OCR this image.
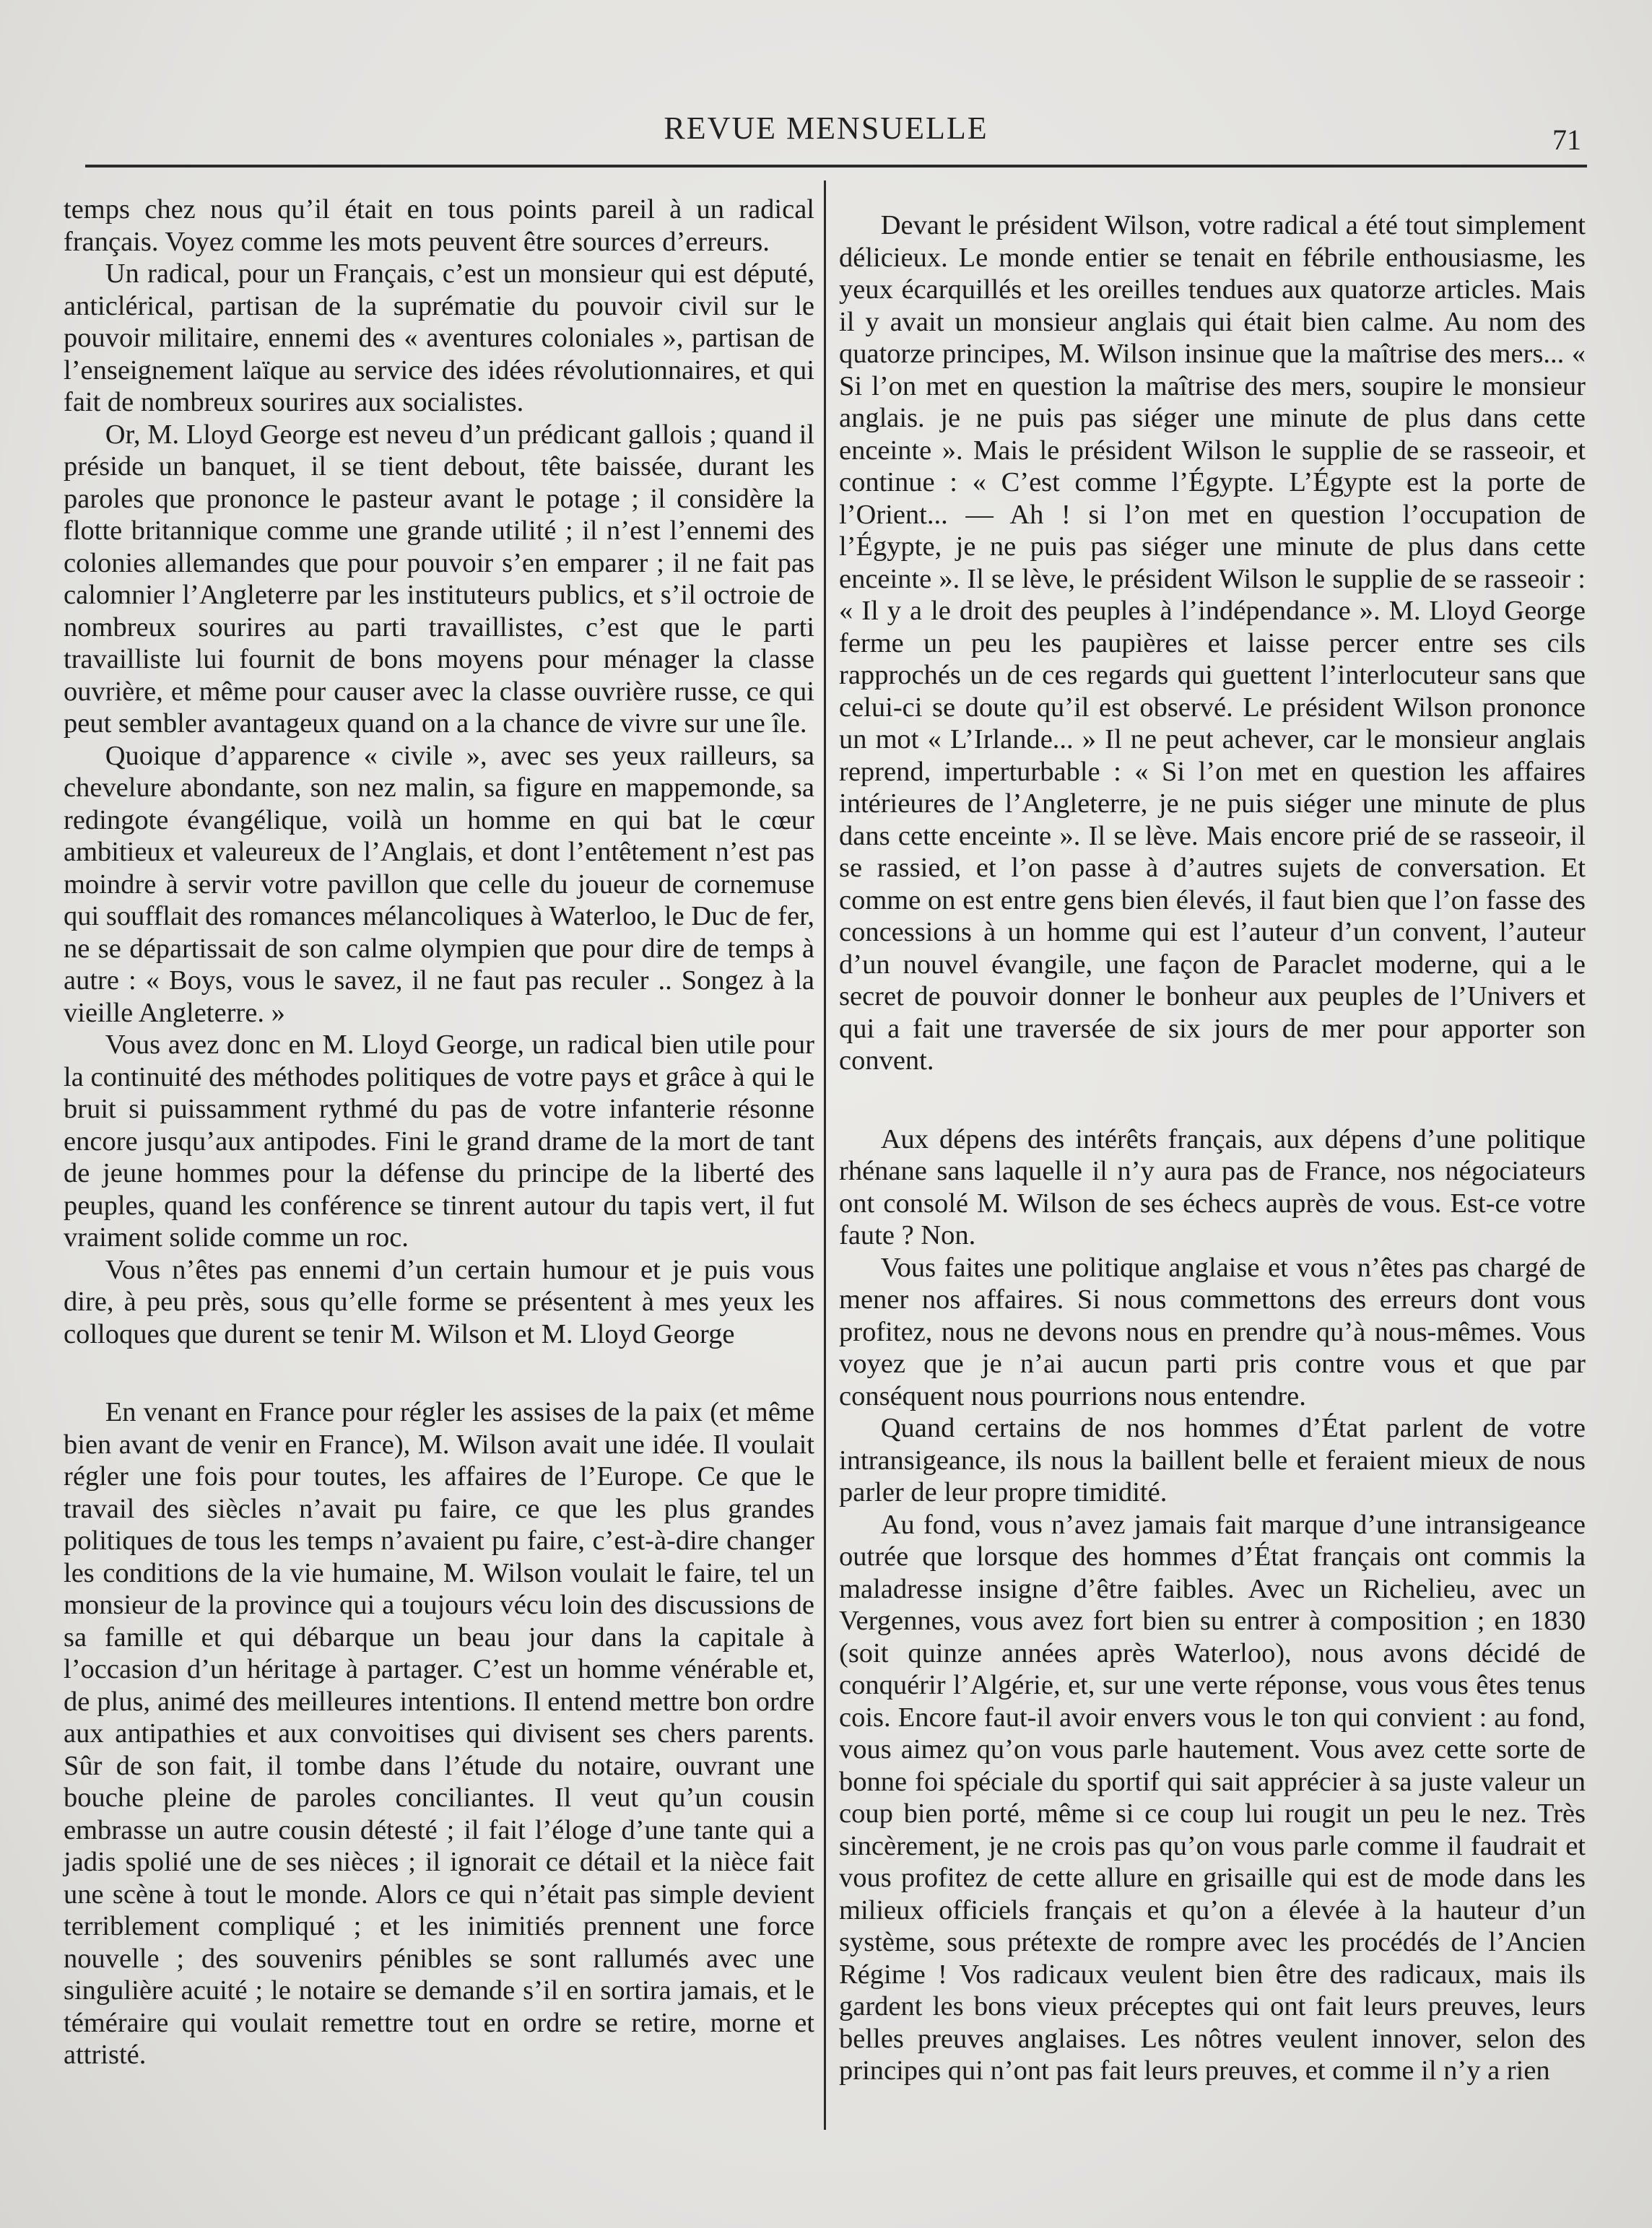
REVUE MENSUELLE	71

temps chez nous qu’il était en tous points pareil à un radical français. Voyez comme les mots peuvent être sources d’erreurs.

Un radical, pour un Français, c’est un monsieur qui est député, anticlérical, partisan de la suprématie du pouvoir civil sur le pouvoir militaire, ennemi des « aventures coloniales », partisan de l’enseignement laïque au service des idées révolutionnaires, et qui fait de nombreux sourires aux socialistes.

Or, M. Lloyd George est neveu d’un prédicant gallois ; quand il préside un banquet, il se tient debout, tête baissée, durant les paroles que prononce le pasteur avant le potage ; il considère la flotte britannique comme une grande utilité ; il n’est l’ennemi des colonies allemandes que pour pouvoir s’en emparer ; il ne fait pas calomnier l’Angleterre par les instituteurs publics, et s’il octroie de nombreux sourires au parti travaillistes, c’est que le parti travailliste lui fournit de bons moyens pour ménager la classe ouvrière, et même pour causer avec la classe ouvrière russe, ce qui peut sembler avantageux quand on a la chance de vivre sur une île.

Quoique d’apparence « civile », avec ses yeux railleurs, sa chevelure abondante, son nez malin, sa figure en mappemonde, sa redingote évangélique, voilà un homme en qui bat le cœur ambitieux et valeureux de l’Anglais, et dont l’entêtement n’est pas moindre à servir votre pavillon que celle du joueur de cornemuse qui soufflait des romances mélancoliques à Waterloo, le Duc de fer, ne se départissait de son calme olympien que pour dire de temps à autre : « Boys, vous le savez, il ne faut pas reculer .. Songez à la vieille Angleterre. »

Vous avez donc en M. Lloyd George, un radical bien utile pour la continuité des méthodes politiques de votre pays et grâce à qui le bruit si puissamment rythmé du pas de votre infanterie résonne encore jusqu’aux antipodes. Fini le grand drame de la mort de tant de jeune hommes pour la défense du principe de la liberté des peuples, quand les conférence se tinrent autour du tapis vert, il fut vraiment solide comme un roc.

Vous n’êtes pas ennemi d’un certain humour et je puis vous dire, à peu près, sous qu’elle forme se présentent à mes yeux les colloques que durent se tenir M. Wilson et M. Lloyd George

En venant en France pour régler les assises de la paix (et même bien avant de venir en France), M. Wilson avait une idée. Il voulait régler une fois pour toutes, les affaires de l’Europe. Ce que le travail des siècles n’avait pu faire, ce que les plus grandes politiques de tous les temps n’avaient pu faire, c’est-à-dire changer les conditions de la vie humaine, M. Wilson voulait le faire, tel un monsieur de la province qui a toujours vécu loin des discussions de sa famille et qui débarque un beau jour dans la capitale à l’occasion d’un héritage à partager. C’est un homme vénérable et, de plus, animé des meilleures intentions. Il entend mettre bon ordre aux antipathies et aux convoitises qui divisent ses chers parents. Sûr de son fait, il tombe dans l’étude du notaire, ouvrant une bouche pleine de paroles conciliantes. Il veut qu’un cousin embrasse un autre cousin détesté ; il fait l’éloge d’une tante qui a jadis spolié une de ses nièces ; il ignorait ce détail et la nièce fait une scène à tout le monde. Alors ce qui n’était pas simple devient terriblement compliqué ; et les inimitiés prennent une force nouvelle ; des souvenirs pénibles se sont rallumés avec une singulière acuité ; le notaire se demande s’il en sortira jamais, et le téméraire qui voulait remettre tout en ordre se retire, morne et attristé.

Devant le président Wilson, votre radical a été tout simplement délicieux. Le monde entier se tenait en fébrile enthousiasme, les yeux écarquillés et les oreilles tendues aux quatorze articles. Mais il y avait un monsieur anglais qui était bien calme. Au nom des quatorze principes, M. Wilson insinue que la maîtrise des mers... « Si l’on met en question la maîtrise des mers, soupire le monsieur anglais. je ne puis pas siéger une minute de plus dans cette enceinte ». Mais le président Wilson le supplie de se rasseoir, et continue : « C’est comme l’Égypte. L’Égypte est la porte de l’Orient... — Ah ! si l’on met en question l’occupation de l’Égypte, je ne puis pas siéger une minute de plus dans cette enceinte ». Il se lève, le président Wilson le supplie de se rasseoir : « Il y a le droit des peuples à l’indépendance ». M. Lloyd George ferme un peu les paupières et laisse percer entre ses cils rapprochés un de ces regards qui guettent l’interlocuteur sans que celui-ci se doute qu’il est observé. Le président Wilson prononce un mot « L’Irlande... » Il ne peut achever, car le monsieur anglais reprend, imperturbable : « Si l’on met en question les affaires intérieures de l’Angleterre, je ne puis siéger une minute de plus dans cette enceinte ». Il se lève. Mais encore prié de se rasseoir, il se rassied, et l’on passe à d’autres sujets de conversation. Et comme on est entre gens bien élevés, il faut bien que l’on fasse des concessions à un homme qui est l’auteur d’un convent, l’auteur d’un nouvel évangile, une façon de Paraclet moderne, qui a le secret de pouvoir donner le bonheur aux peuples de l’Univers et qui a fait une traversée de six jours de mer pour apporter son convent.

Aux dépens des intérêts français, aux dépens d’une politique rhénane sans laquelle il n’y aura pas de France, nos négociateurs ont consolé M. Wilson de ses échecs auprès de vous. Est-ce votre faute ? Non.

Vous faites une politique anglaise et vous n’êtes pas chargé de mener nos affaires. Si nous commettons des erreurs dont vous profitez, nous ne devons nous en prendre qu’à nous-mêmes. Vous voyez que je n’ai aucun parti pris contre vous et que par conséquent nous pourrions nous entendre.

Quand certains de nos hommes d’État parlent de votre intransigeance, ils nous la baillent belle et feraient mieux de nous parler de leur propre timidité.

Au fond, vous n’avez jamais fait marque d’une intransigeance outrée que lorsque des hommes d’État français ont commis la maladresse insigne d’être faibles. Avec un Richelieu, avec un Vergennes, vous avez fort bien su entrer à composition ; en 1830 (soit quinze années après Waterloo), nous avons décidé de conquérir l’Algérie, et, sur une verte réponse, vous vous êtes tenus cois. Encore faut-il avoir envers vous le ton qui convient : au fond, vous aimez qu’on vous parle hautement. Vous avez cette sorte de bonne foi spéciale du sportif qui sait apprécier à sa juste valeur un coup bien porté, même si ce coup lui rougit un peu le nez. Très sincèrement, je ne crois pas qu’on vous parle comme il faudrait et vous profitez de cette allure en grisaille qui est de mode dans les milieux officiels français et qu’on a élevée à la hauteur d’un système, sous prétexte de rompre avec les procédés de l’Ancien Régime ! Vos radicaux veulent bien être des radicaux, mais ils gardent les bons vieux préceptes qui ont fait leurs preuves, leurs belles preuves anglaises. Les nôtres veulent innover, selon des principes qui n’ont pas fait leurs preuves, et comme il n’y a rien
